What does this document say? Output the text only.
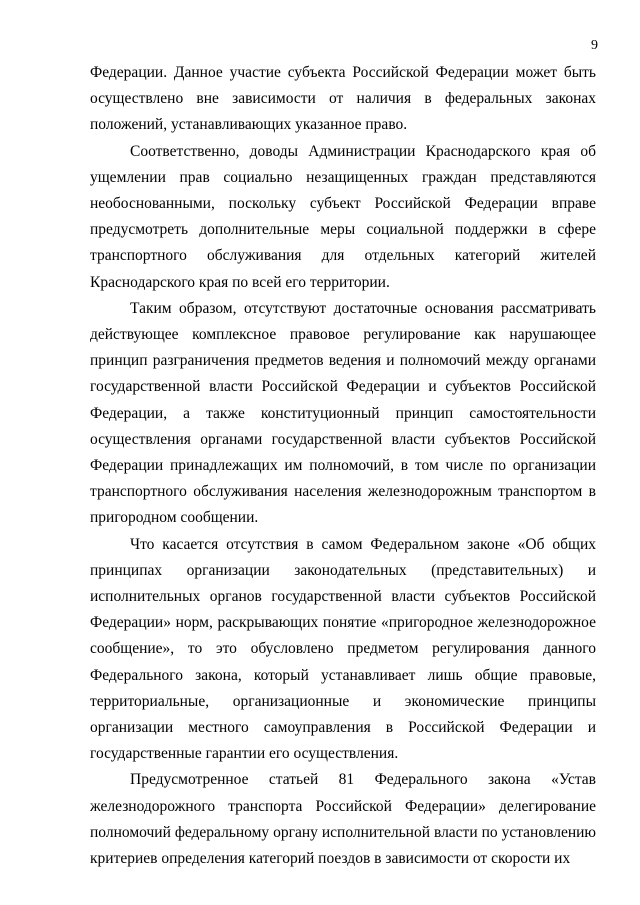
9

Федерации. Данное участие субъекта Российской Федерации может быть осуществлено вне зависимости от наличия в федеральных законах положений, устанавливающих указанное право.

Соответственно, доводы Администрации Краснодарского края об ущемлении прав социально незащищенных граждан представляются необоснованными, поскольку субъект Российской Федерации вправе предусмотреть дополнительные меры социальной поддержки в сфере транспортного обслуживания для отдельных категорий жителей Краснодарского края по всей его территории.

Таким образом, отсутствуют достаточные основания рассматривать действующее комплексное правовое регулирование как нарушающее принцип разграничения предметов ведения и полномочий между органами государственной власти Российской Федерации и субъектов Российской Федерации, а также конституционный принцип самостоятельности осуществления органами государственной власти субъектов Российской Федерации принадлежащих им полномочий, в том числе по организации транспортного обслуживания населения железнодорожным транспортом в пригородном сообщении.

Что касается отсутствия в самом Федеральном законе «Об общих принципах организации законодательных (представительных) и исполнительных органов государственной власти субъектов Российской Федерации» норм, раскрывающих понятие «пригородное железнодорожное сообщение», то это обусловлено предметом регулирования данного Федерального закона, который устанавливает лишь общие правовые, территориальные, организационные и экономические принципы организации местного самоуправления в Российской Федерации и государственные гарантии его осуществления.

Предусмотренное статьей 81 Федерального закона «Устав железнодорожного транспорта Российской Федерации» делегирование полномочий федеральному органу исполнительной власти по установлению критериев определения категорий поездов в зависимости от скорости их
